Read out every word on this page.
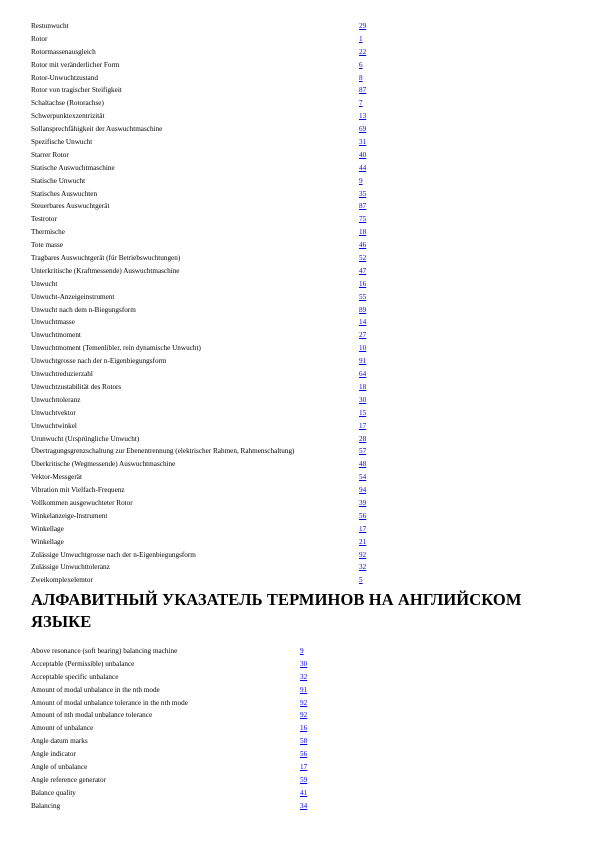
Restunwucht	29
Rotor	1
Rotormassenausgleich	22
Rotor mit veränderlicher Form	6
Rotor-Unwuchtzustand	8
Rotor von tragischer Steifigkeit	87
Schaltachse (Rotorachse)	7
Schwerpunktexzentrizität	13
Sollansprechfähigkeit der Auswuchtmaschine	69
Spezifische Unwucht	31
Starrer Rotor	40
Statische Auswuchtmaschine	44
Statische Unwucht	9
Statisches Auswuchten	35
Steuerbares Auswuchtgerät	87
Testrotor	75
Thermische	18
Tote masse	46
Tragbares Auswuchtgerät (für Betriebswuchtungen)	52
Unterkritische (Kraftmessende) Auswuchtmaschine	47
Unwucht	16
Unwucht-Anzeigeinstrument	55
Unwucht nach dem n-Biegungsform	89
Unwuchtmasse	14
Unwuchtmoment	27
Unwuchtmoment (Temenlibler, rein dynamische Unwucht)	10
Unwuchtgrosse nach der n-Eigenbiegungsform	91
Unwuchtreduzierzahl	64
Unwuchtzustabilität des Rotors	18
Unwuchttoleranz	30
Unwuchtvektor	15
Unwuchtwinkel	17
Urunwucht (Ursprüngliche Unwucht)	28
Übertragungsgrenzschaltung zur Ebenentrennung (elektrischer Rahmen, Rahmenschaltung)	57
Überkritische (Wegmessende) Auswuchtmaschine	48
Vektor-Messgerät	54
Vibration mit Vielfach-Frequenz	94
Vollkommen ausgewuchteter Rotor	39
Winkelanzeige-Instrument	56
Winkellage	17
Winkellage	21
Zulässige Unwuchtgrosse nach der n-Eigenbiegungsform	92
Zulässige Unwuchttoleranz	32
Zweikomplexelemtor	5
АЛФАВИТНЫЙ УКАЗАТЕЛЬ ТЕРМИНОВ НА АНГЛИЙСКОМ ЯЗЫКЕ
Above resonance (soft bearing) balancing machine	9
Acceptable (Permissible) unbalance	30
Acceptable specific unbalance	32
Amount of modal unbalance in the nth mode	91
Amount of modal unbalance tolerance in the nth mode	92
Amount of nth modal unbalance tolerance	92
Amount of unbalance	16
Angle datum marks	58
Angle indicator	56
Angle of unbalance	17
Angle reference generator	59
Balance quality	41
Balancing	34
